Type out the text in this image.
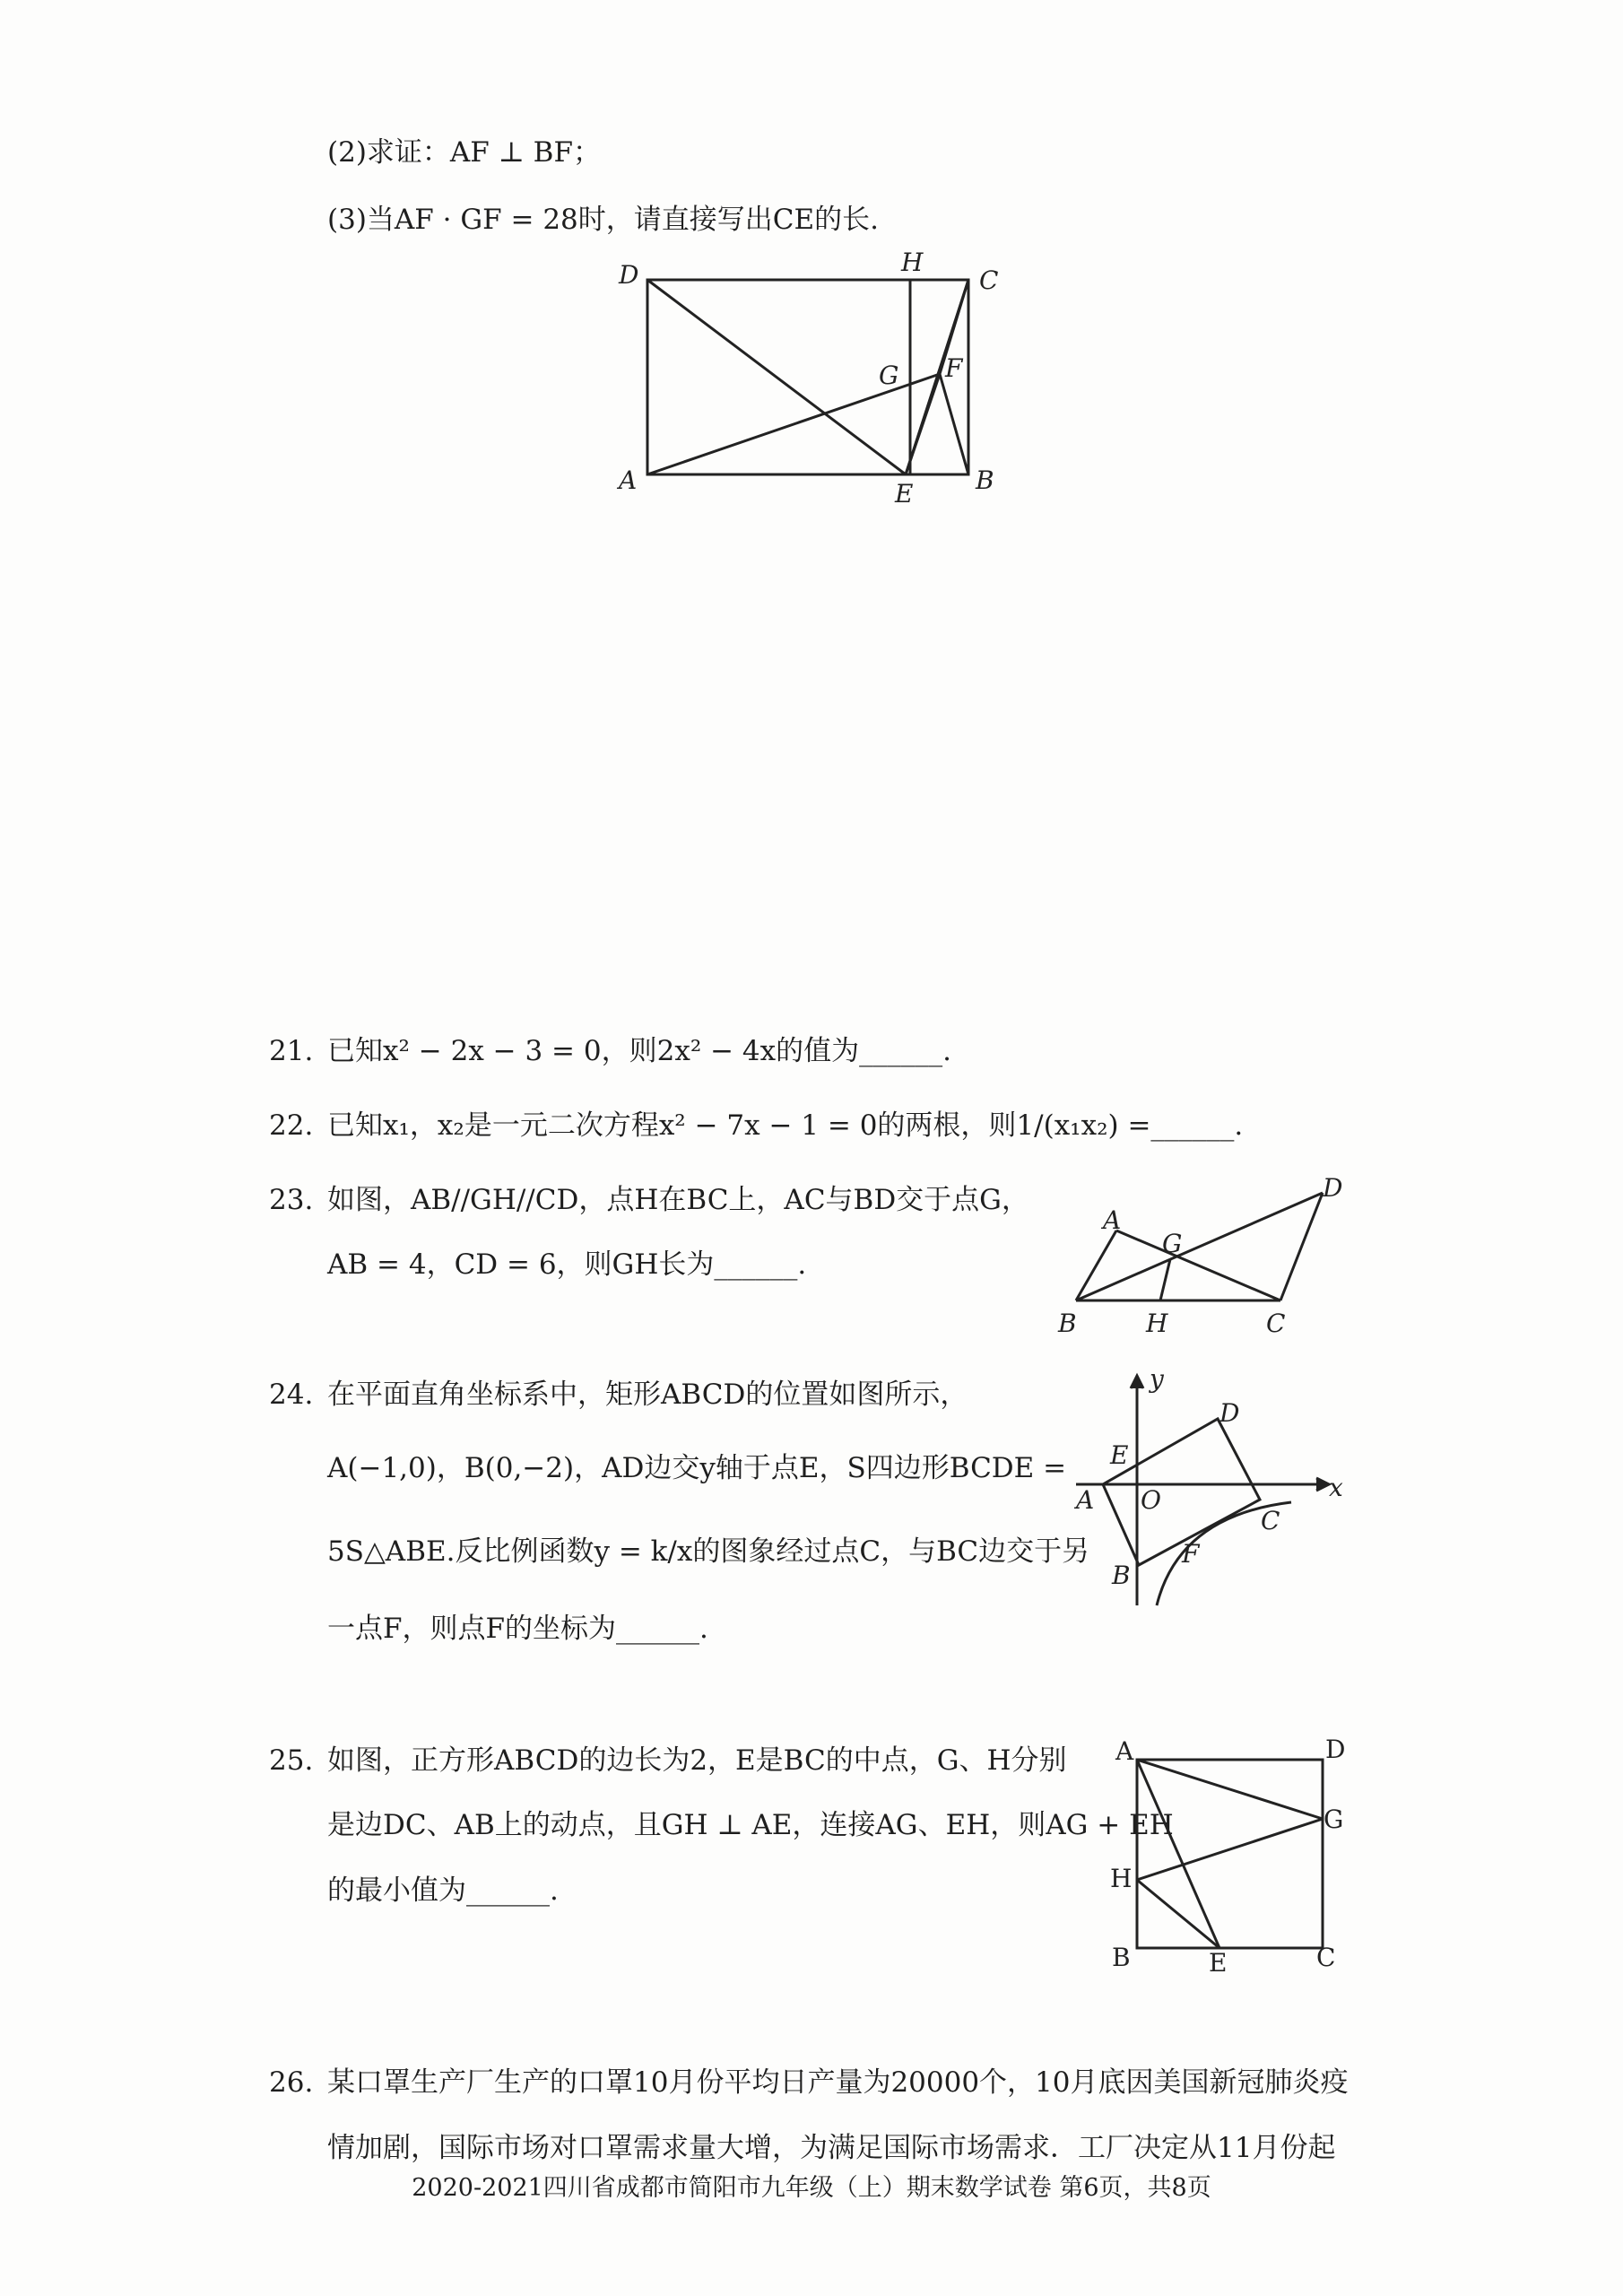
(2)求证：AF ⊥ BF；
(3)当AF · GF = 28时，请直接写出CE的长.
D	H
C
G F
A	E B
21. 已知x² − 2x − 3 = 0，则2x² − 4x的值为______.
22. 已知x₁，x₂是一元二次方程x² − 7x − 1 = 0的两根，则1/(x₁x₂) =______.
23. 如图，AB//GH//CD，点H在BC上，AC与BD交于点G，
AB = 4，CD = 6，则GH长为______.
A
G
D
B	H	C
24. 在平面直角坐标系中，矩形ABCD的位置如图所示，
A(−1,0)，B(0,−2)，AD边交y轴于点E，S四边形BCDE =
5S△ABE.反比例函数y = k/x的图象经过点C，与BC边交于另
一点F，则点F的坐标为______.
y
D
E
x
A O
C
F
B
25. 如图，正方形ABCD的边长为2，E是BC的中点，G、H分别
是边DC、AB上的动点，且GH ⊥ AE，连接AG、EH，则AG + EH
的最小值为______.
A	D
G
H
B	E	C
26. 某口罩生产厂生产的口罩10月份平均日产量为20000个，10月底因美国新冠肺炎疫
情加剧，国际市场对口罩需求量大增，为满足国际市场需求．工厂决定从11月份起
2020-2021四川省成都市简阳市九年级（上）期末数学试卷 第6页，共8页
